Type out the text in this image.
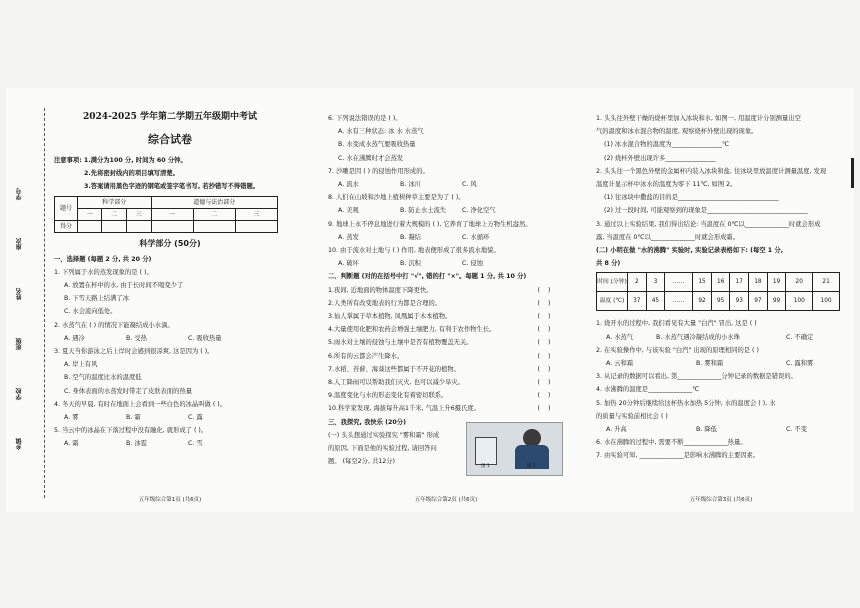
学号
座次
姓名
班级
学校
乡镇
2024-2025 学年第二学期五年级期中考试
综合试卷
注意事项: 1.满分为100 分, 时间为 60 分钟。
2.先将密封线内的项目填写清楚。
3.答案请用黑色字迹的钢笔或签字笔书写, 若抄错写不得错题。
题号	科学部分			道德与法治部分		
	一	二	三	一	二	三
得分						
科学部分 (50分)
一、选择题 (每题 2 分, 共 20 分)
1. 下列属于水的蒸发现象的是 ( )。
A. 放置在杯中的水, 由于长时间不喝变少了
B. 下雪天路上结满了冰
C. 水会流向低处。
2. 水蒸气在 ( ) 的情况下能凝结成小水滴。
A. 遇冷	B. 受热	C. 吸收热量
3. 夏天当你游泳之后上岸时会感到很凉爽, 这是因为 ( )。
A. 岸上有风
B. 空气的温度比水的温度低
C. 身体表面的水蒸发时带走了皮肤表面的热量
4. 冬天的早晨, 有时在地面上会看到一些白色的冰晶叫做 ( )。
A. 雾	B. 霜	C. 露
5. 当云中的冰晶在下落过程中没有融化, 就形成了 ( )。
A. 霜	B. 冰雹	C. 雪
五年级综合第1页 (共6页)
6. 下列说法错误的是 ( )。
A. 水有三种状态: 冰 水 水蒸气
B. 水变成水蒸气要吸收热量
C. 水在沸腾时才会蒸发
7. 沙雕是因 ( ) 的侵蚀作用形成的。
A. 流水	B. 冰川	C. 风
8. 人们在山坡和沙地上植树种草主要是为了 ( )。
A. 美观	B. 防止水土流失	C. 净化空气
9. 地球上永不停息地进行着大规模的 ( ), 它养育了地球上万物生机盎然。
A. 蒸发	B. 凝结	C. 水循环
10. 由于流水对土地与 ( ) 作用, 地表便形成了很多流水地貌。
A. 破坏	B. 沉积	C. 侵蚀
二、判断题 (对的在括号中打 "√", 错的打 "×"。每题 1 分, 共 10 分)
(    )
1.夜间, 近地面的物体温度下降更快。
(    )
2.人类所有改变地表的行为都是合理的。
(    )
3.仙人掌属于草本植物, 凤凰属于木本植物。
(    )
4.大量使用化肥和农药会增强土壤肥力, 有利于农作物生长。
(    )
5.雨水对土壤的侵蚀与土壤中是否有植物覆盖无关。
(    )
6.所有的云都会产生降水。
(    )
7.水稻、苔藓、海葵这些都属于不开花的植物。
(    )
8.人工降雨可以帮助我们灭火, 也可以减少旱灾。
(    )
9.温度变化与水的形态变化有着密切联系。
(    )
10.科学家发现, 海拔每升高1千米, 气温上升6摄氏度。
三、我探究, 我快乐 (20分)
(一) 头头想通过实验探究 "雾和霜" 形成
的原因, 下面是他的实验过程, 请回答问
题。 (每空2分, 共12分)
图 1	图 2
五年级综合第2页 (共6页)
1. 头头往外壁干燥的烧杯里加入冰块和水, 如图一, 用温度计分别测量出空
气的温度和冰水混合物的温度, 观察烧杯外壁出现的现象。
(1) 冰水混合物的温度为________________℃
(2) 烧杯外壁出现许多________________
2. 头头往一个黑色外壁的金属杯内装入冰块和盐, 往冰块里放温度计测量温度, 发现
温度计显示杯中冰水的温度为零下 11℃, 如图 2。
(1) 往冰块中撒盐的目的是________________________________
(2) 过一段时间, 可能观察到的现象是________________________________
3. 通过以上实验结果, 我们得出结论: 当温度在 0℃以______________时就会形成
露, 当温度在 0℃以______________时就会形成霜。
(二) 小明在做 "水的沸腾" 实验时, 实验记录表格如下: (每空 1 分,
共 8 分)
时间 (分钟)	2	3	……	15	16	17	18	19	20	21
温度 (℃)	37	45	……	92	95	93	97	99	100	100
1. 烧开水的过程中, 我们看见有大量 "白汽" 冒出, 这是 ( )
A. 水蒸气	B. 水蒸气遇冷凝结成的小水珠	C. 不确定
2. 在实验操作中, 与该实验 "白汽" 出现的原理相同的是 ( )
A. 云和霜	B. 雾和霜	C. 露和雾
3. 从记录的数据可以看出, 第______________分钟记录的数据是错误的。
4. 水沸腾的温度是______________℃
5. 加热 20分钟后继续给这杯热水加热 5分钟, 水的温度会 ( ), 水
的质量与实验前相比会 ( )
A. 升高	B. 降低	C. 不变
6. 水在沸腾的过程中, 需要不断______________热量。
7. 由实验可知, ______________是影响水沸腾的主要因素。
五年级综合第3页 (共6页)
